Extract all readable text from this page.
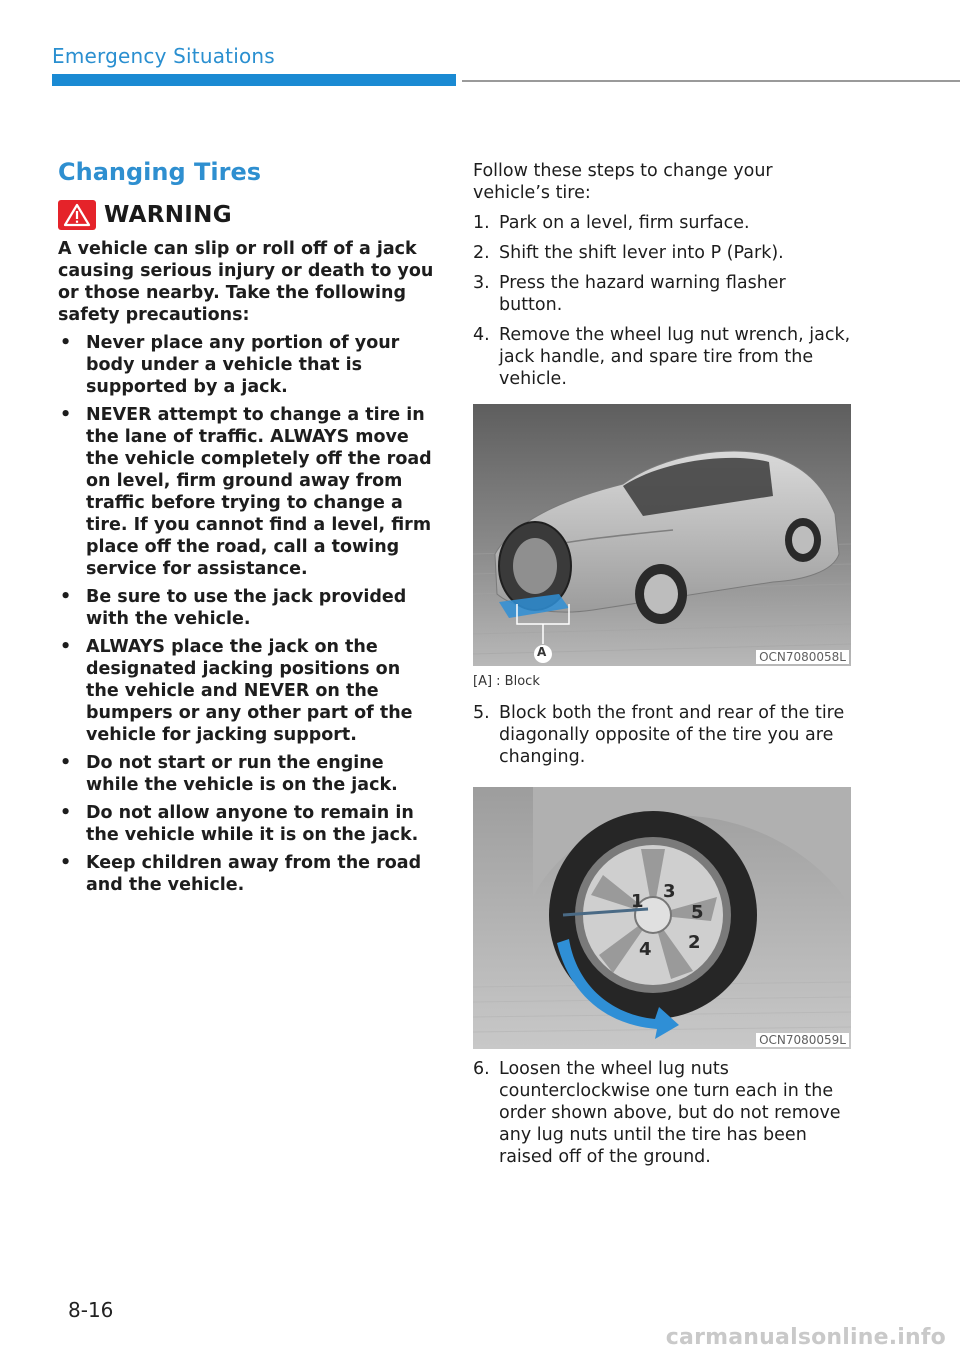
Emergency Situations
Changing Tires
WARNING

A vehicle can slip or roll off of a jack causing serious injury or death to you or those nearby. Take the following safety precautions:

• Never place any portion of your body under a vehicle that is supported by a jack.
• NEVER attempt to change a tire in the lane of traffic. ALWAYS move the vehicle completely off the road on level, firm ground away from traffic before trying to change a tire. If you cannot find a level, firm place off the road, call a towing service for assistance.
• Be sure to use the jack provided with the vehicle.
• ALWAYS place the jack on the designated jacking positions on the vehicle and NEVER on the bumpers or any other part of the vehicle for jacking support.
• Do not start or run the engine while the vehicle is on the jack.
• Do not allow anyone to remain in the vehicle while it is on the jack.
• Keep children away from the road and the vehicle.

Follow these steps to change your vehicle’s tire:

1. Park on a level, firm surface.
2. Shift the shift lever into P (Park).
3. Press the hazard warning flasher button.
4. Remove the wheel lug nut wrench, jack, jack handle, and spare tire from the vehicle.
A	OCN7080058L
[A] : Block
5. Block both the front and rear of the tire diagonally opposite of the tire you are changing.
1
2
3
4
5
OCN7080059L
6. Loosen the wheel lug nuts counterclockwise one turn each in the order shown above, but do not remove any lug nuts until the tire has been raised off of the ground.
8-16
carmanualsonline.info
